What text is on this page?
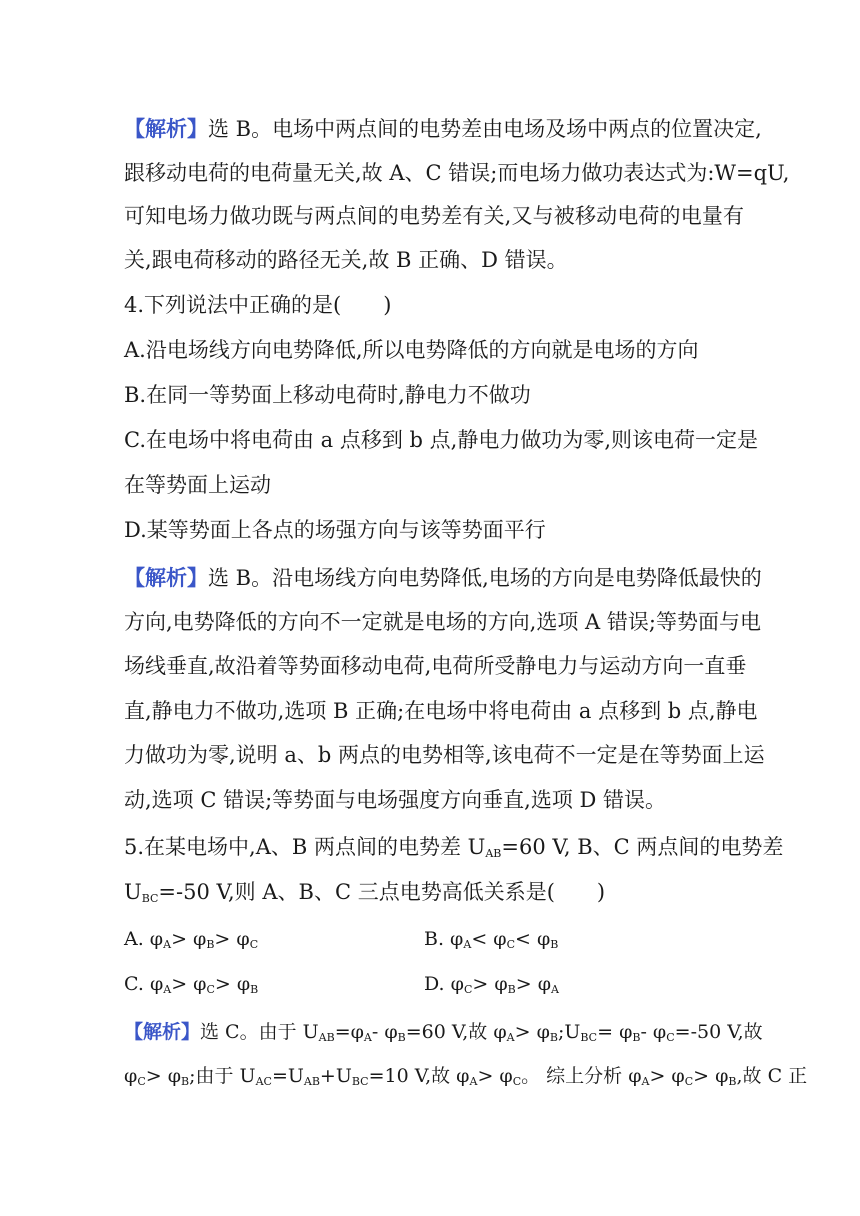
【解析】选 B。电场中两点间的电势差由电场及场中两点的位置决定,
跟移动电荷的电荷量无关,故 A、C 错误;而电场力做功表达式为:W=qU,
可知电场力做功既与两点间的电势差有关,又与被移动电荷的电量有
关,跟电荷移动的路径无关,故 B 正确、D 错误。
4.下列说法中正确的是(　　)
A.沿电场线方向电势降低,所以电势降低的方向就是电场的方向
B.在同一等势面上移动电荷时,静电力不做功
C.在电场中将电荷由 a 点移到 b 点,静电力做功为零,则该电荷一定是
在等势面上运动
D.某等势面上各点的场强方向与该等势面平行
【解析】选 B。沿电场线方向电势降低,电场的方向是电势降低最快的
方向,电势降低的方向不一定就是电场的方向,选项 A 错误;等势面与电
场线垂直,故沿着等势面移动电荷,电荷所受静电力与运动方向一直垂
直,静电力不做功,选项 B 正确;在电场中将电荷由 a 点移到 b 点,静电
力做功为零,说明 a、b 两点的电势相等,该电荷不一定是在等势面上运
动,选项 C 错误;等势面与电场强度方向垂直,选项 D 错误。
5.在某电场中,A、B 两点间的电势差 $U_{AB}=60$ V, B、C 两点间的电势差
$U_{BC}=-50$ V,则 A、B、C 三点电势高低关系是(　　)
A. $\varphi_A> \varphi_B> \varphi_C$	B. $\varphi_A< \varphi_C< \varphi_B$
C. $\varphi_A> \varphi_C> \varphi_B$	D. $\varphi_C> \varphi_B> \varphi_A$
【解析】选 C。由于 $U_{AB}=\varphi_A-$ $\varphi_B=60$ V,故 $\varphi_A>$ $\varphi_B;U_{BC}= \varphi_B-$ $\varphi_C=-50$ V,故
$\varphi_C> \varphi_B$;由于 $U_{AC}=U_{AB}+U_{BC}=10$ V,故 $\varphi_A> \varphi_C$。 综上分析 $\varphi_A> \varphi_C> \varphi_B$,故 C 正
